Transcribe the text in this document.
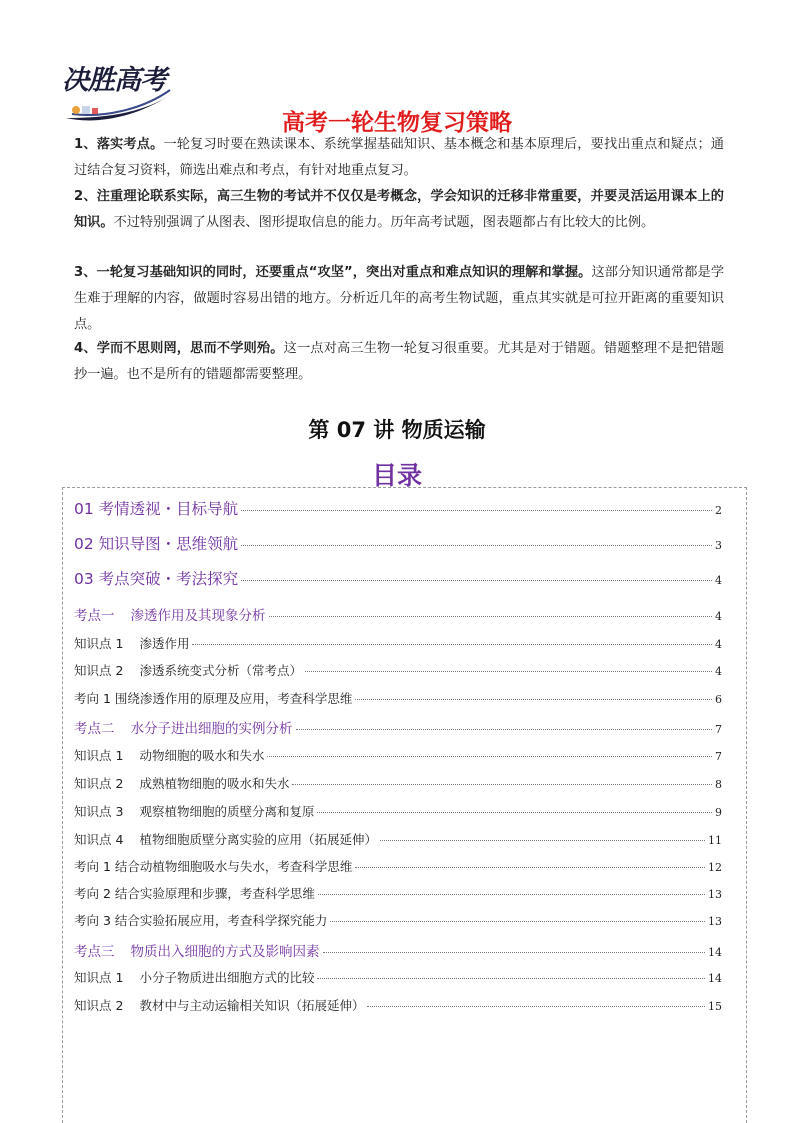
决胜高考
高考一轮生物复习策略
1、落实考点。一轮复习时要在熟读课本、系统掌握基础知识、基本概念和基本原理后，要找出重点和疑点；通过结合复习资料，筛选出难点和考点，有针对地重点复习。
2、注重理论联系实际，高三生物的考试并不仅仅是考概念，学会知识的迁移非常重要，并要灵活运用课本上的知识。不过特别强调了从图表、图形提取信息的能力。历年高考试题，图表题都占有比较大的比例。
3、一轮复习基础知识的同时，还要重点“攻坚”，突出对重点和难点知识的理解和掌握。这部分知识通常都是学生难于理解的内容，做题时容易出错的地方。分析近几年的高考生物试题，重点其实就是可拉开距离的重要知识点。
4、学而不思则罔，思而不学则殆。这一点对高三生物一轮复习很重要。尤其是对于错题。错题整理不是把错题抄一遍。也不是所有的错题都需要整理。
第 07 讲 物质运输
目录
01 考情透视・目标导航	2
02 知识导图・思维领航	3
03 考点突破・考法探究	4
考点一 渗透作用及其现象分析	4
知识点 1 渗透作用	4
知识点 2 渗透系统变式分析（常考点）	4
考向 1 围绕渗透作用的原理及应用，考查科学思维	6
考点二 水分子进出细胞的实例分析	7
知识点 1 动物细胞的吸水和失水	7
知识点 2 成熟植物细胞的吸水和失水	8
知识点 3 观察植物细胞的质壁分离和复原	9
知识点 4 植物细胞质壁分离实验的应用（拓展延伸）	11
考向 1 结合动植物细胞吸水与失水，考查科学思维	12
考向 2 结合实验原理和步骤，考查科学思维	13
考向 3 结合实验拓展应用，考查科学探究能力	13
考点三 物质出入细胞的方式及影响因素	14
知识点 1 小分子物质进出细胞方式的比较	14
知识点 2 教材中与主动运输相关知识（拓展延伸）	15
